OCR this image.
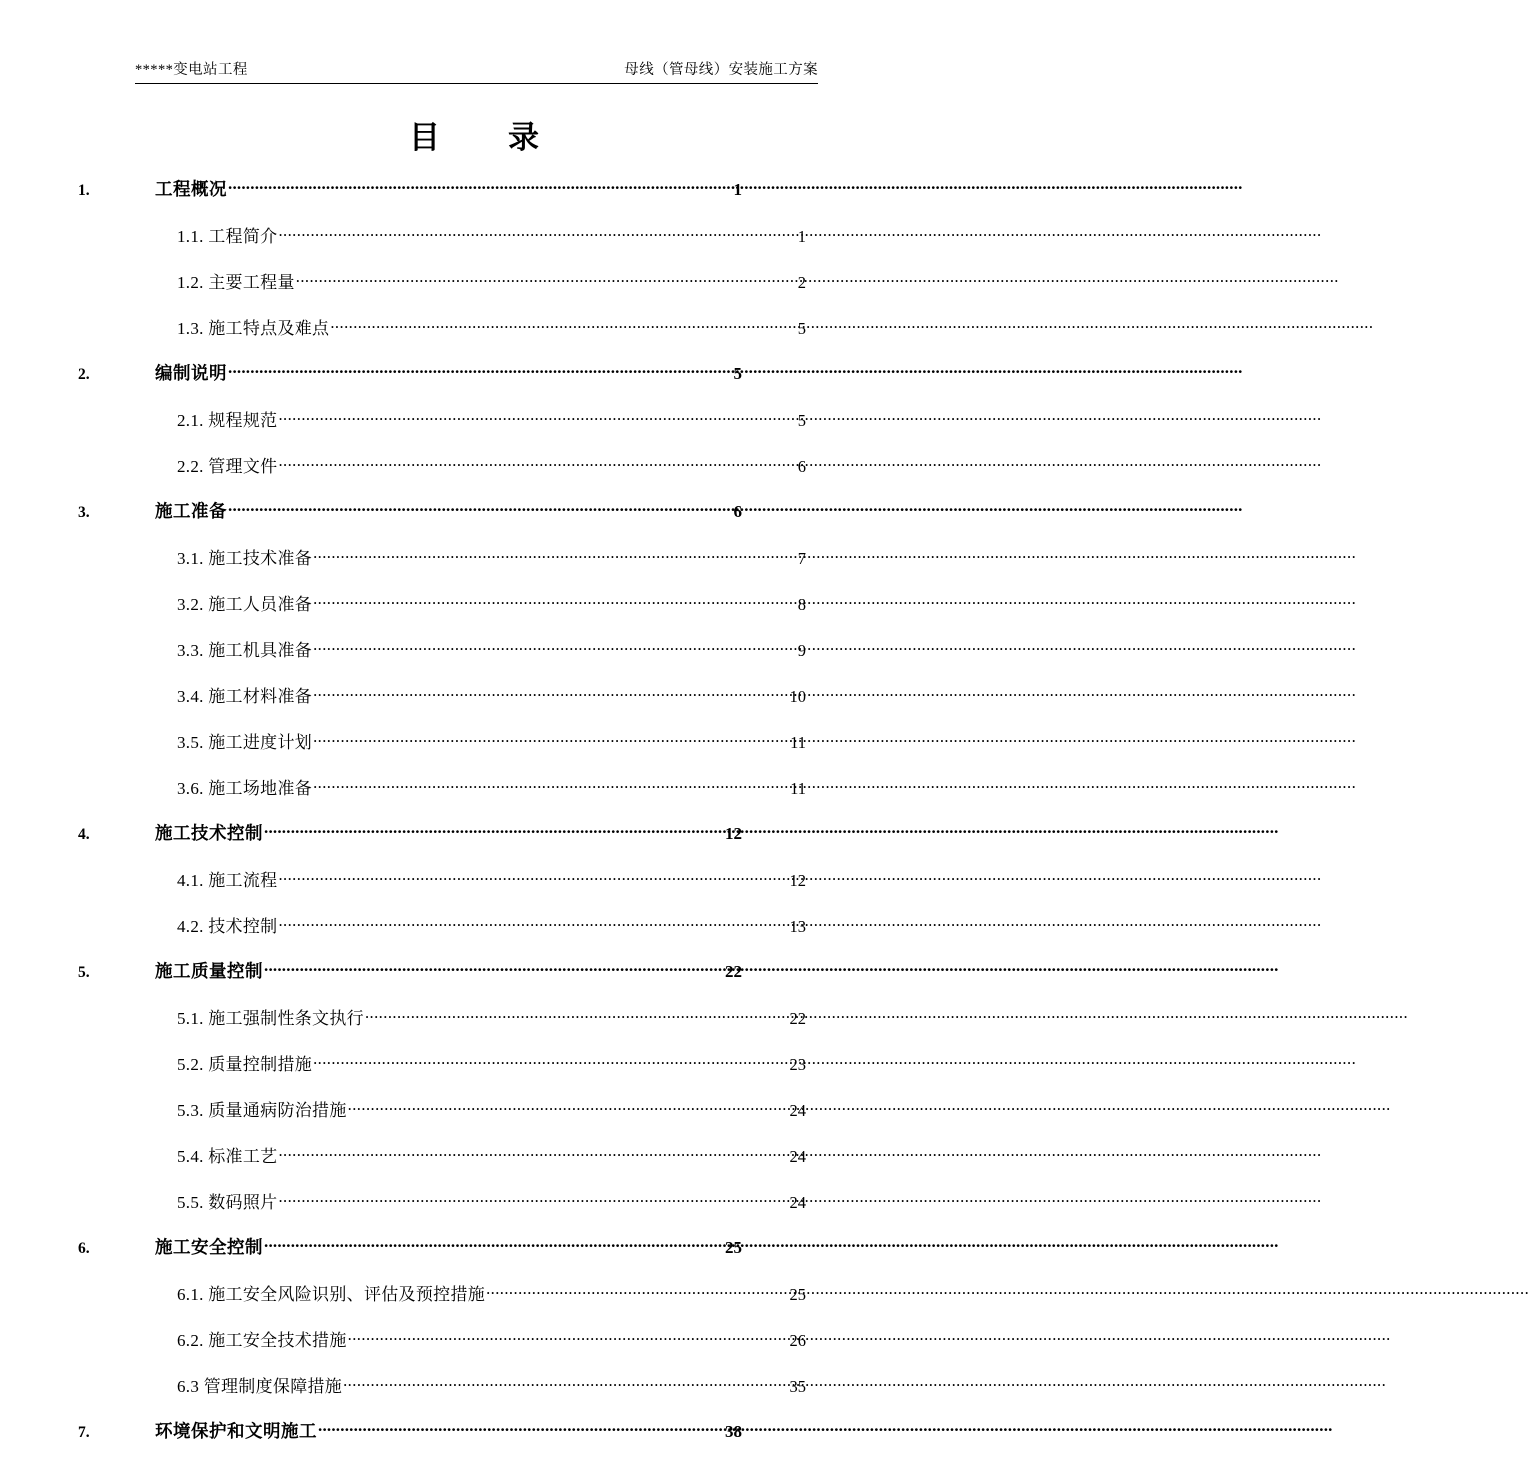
*****变电站工程	母线（管母线）安装施工方案
目　　录
1.	工程概况 .....	1
1.1. 工程简介 .....	1
1.2. 主要工程量 .....	2
1.3. 施工特点及难点 .....	5
2.	编制说明 .....	5
2.1. 规程规范 .....	5
2.2. 管理文件 .....	6
3.	施工准备 .....	6
3.1. 施工技术准备 .....	7
3.2. 施工人员准备 .....	8
3.3. 施工机具准备 .....	9
3.4. 施工材料准备 .....	10
3.5. 施工进度计划 .....	11
3.6. 施工场地准备 .....	11
4.	施工技术控制 .....	12
4.1. 施工流程 .....	12
4.2. 技术控制 .....	13
5.	施工质量控制 .....	22
5.1. 施工强制性条文执行 .....	22
5.2. 质量控制措施 .....	23
5.3. 质量通病防治措施 .....	24
5.4. 标准工艺 .....	24
5.5. 数码照片 .....	24
6.	施工安全控制 .....	25
6.1. 施工安全风险识别、评估及预控措施 .....	25
6.2. 施工安全技术措施 .....	26
6.3 管理制度保障措施 .....	35
7.	环境保护和文明施工 .....	38
